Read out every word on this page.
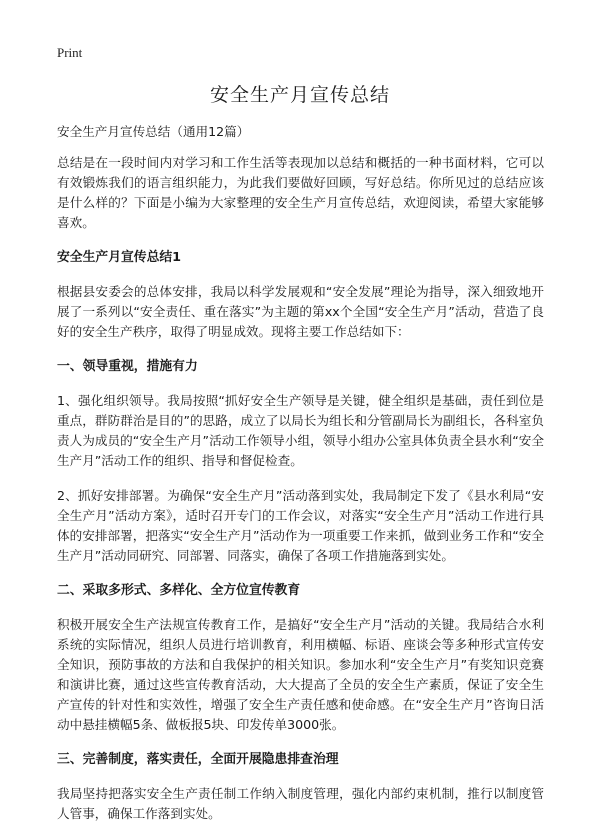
Print
安全生产月宣传总结

安全生产月宣传总结（通用12篇）

总结是在一段时间内对学习和工作生活等表现加以总结和概括的一种书面材料，它可以有效锻炼我们的语言组织能力，为此我们要做好回顾，写好总结。你所见过的总结应该是什么样的？下面是小编为大家整理的安全生产月宣传总结，欢迎阅读，希望大家能够喜欢。

安全生产月宣传总结1

根据县安委会的总体安排，我局以科学发展观和“安全发展”理论为指导，深入细致地开展了一系列以“安全责任、重在落实”为主题的第xx个全国“安全生产月”活动，营造了良好的安全生产秩序，取得了明显成效。现将主要工作总结如下：

一、领导重视，措施有力

1、强化组织领导。我局按照“抓好安全生产领导是关键，健全组织是基础，责任到位是重点，群防群治是目的”的思路，成立了以局长为组长和分管副局长为副组长，各科室负责人为成员的“安全生产月”活动工作领导小组，领导小组办公室具体负责全县水利“安全生产月”活动工作的组织、指导和督促检查。

2、抓好安排部署。为确保“安全生产月”活动落到实处，我局制定下发了《县水利局“安全生产月”活动方案》，适时召开专门的工作会议，对落实“安全生产月”活动工作进行具体的安排部署，把落实“安全生产月”活动作为一项重要工作来抓，做到业务工作和“安全生产月”活动同研究、同部署、同落实，确保了各项工作措施落到实处。

二、采取多形式、多样化、全方位宣传教育

积极开展安全生产法规宣传教育工作，是搞好“安全生产月”活动的关键。我局结合水利系统的实际情况，组织人员进行培训教育，利用横幅、标语、座谈会等多种形式宣传安全知识，预防事故的方法和自我保护的相关知识。参加水利“安全生产月”有奖知识竞赛和演讲比赛，通过这些宣传教育活动，大大提高了全员的安全生产素质，保证了安全生产宣传的针对性和实效性，增强了安全生产责任感和使命感。在“安全生产月”咨询日活动中悬挂横幅5条、做板报5块、印发传单3000张。

三、完善制度，落实责任，全面开展隐患排查治理

我局坚持把落实安全生产责任制工作纳入制度管理，强化内部约束机制，推行以制度管人管事，确保工作落到实处。
